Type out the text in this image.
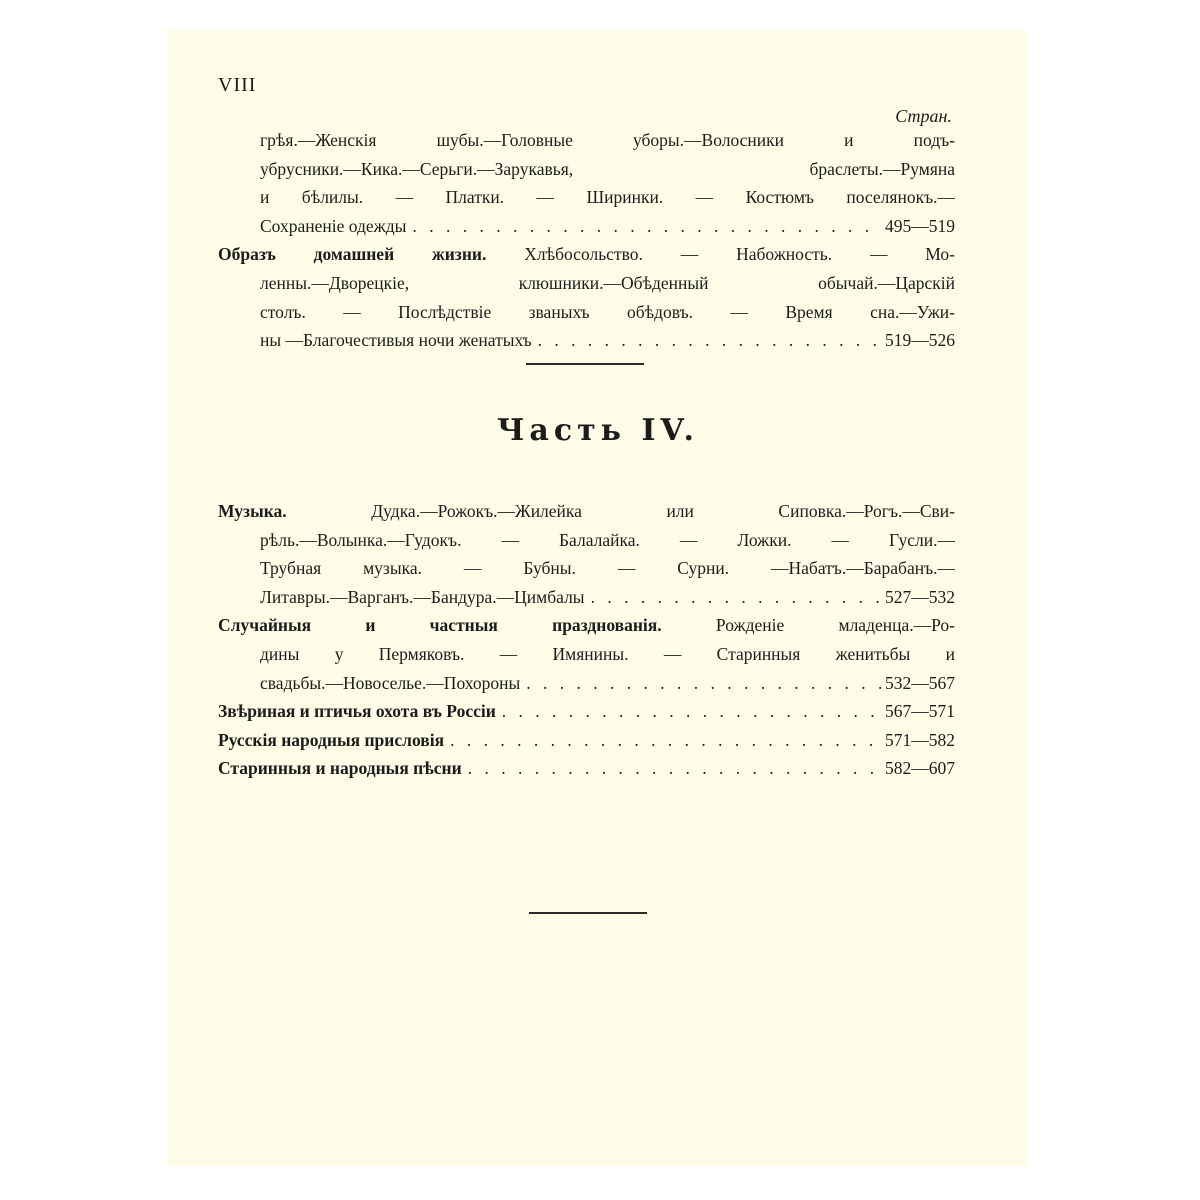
VIII
Стран.
грѣя.—Женскія шубы.—Головные уборы.—Волосники и подъ-
убрусники.—Кика.—Серьги.—Зарукавья, браслеты.—Румяна
и бѣлилы. — Платки. — Ширинки. — Костюмъ поселянокъ.—
Сохраненіе одежды . . .	495—519
Образъ домашней жизни. Хлѣбосольство. — Набожность. — Мо-
ленны.—Дворецкіе, клюшники.—Обѣденный обычай.—Царскій
столъ. — Послѣдствіе званыхъ обѣдовъ. — Время сна.—Ужи-
ны —Благочестивыя ночи женатыхъ . . .	519—526
Часть IV.
Музыка.	Дудка.—Рожокъ.—Жилейка или Сиповка.—Рогъ.—Сви-
рѣль.—Волынка.—Гудокъ. — Балалайка. — Ложки. — Гусли.—
Трубная музыка. — Бубны. — Сурни. —Набатъ.—Барабанъ.—
Литавры.—Варганъ.—Бандура.—Цимбалы . . .	527—532
Случайныя и частныя празднованія.	Рожденіе младенца.—Ро-
дины у Пермяковъ. — Имянины. — Старинныя женитьбы и
свадьбы.—Новоселье.—Похороны . . .	532—567
Звѣриная и птичья охота въ Россіи . . .	567—571
Русскія народныя присловія . . .	571—582
Старинныя и народныя пѣсни . . .	582—607
